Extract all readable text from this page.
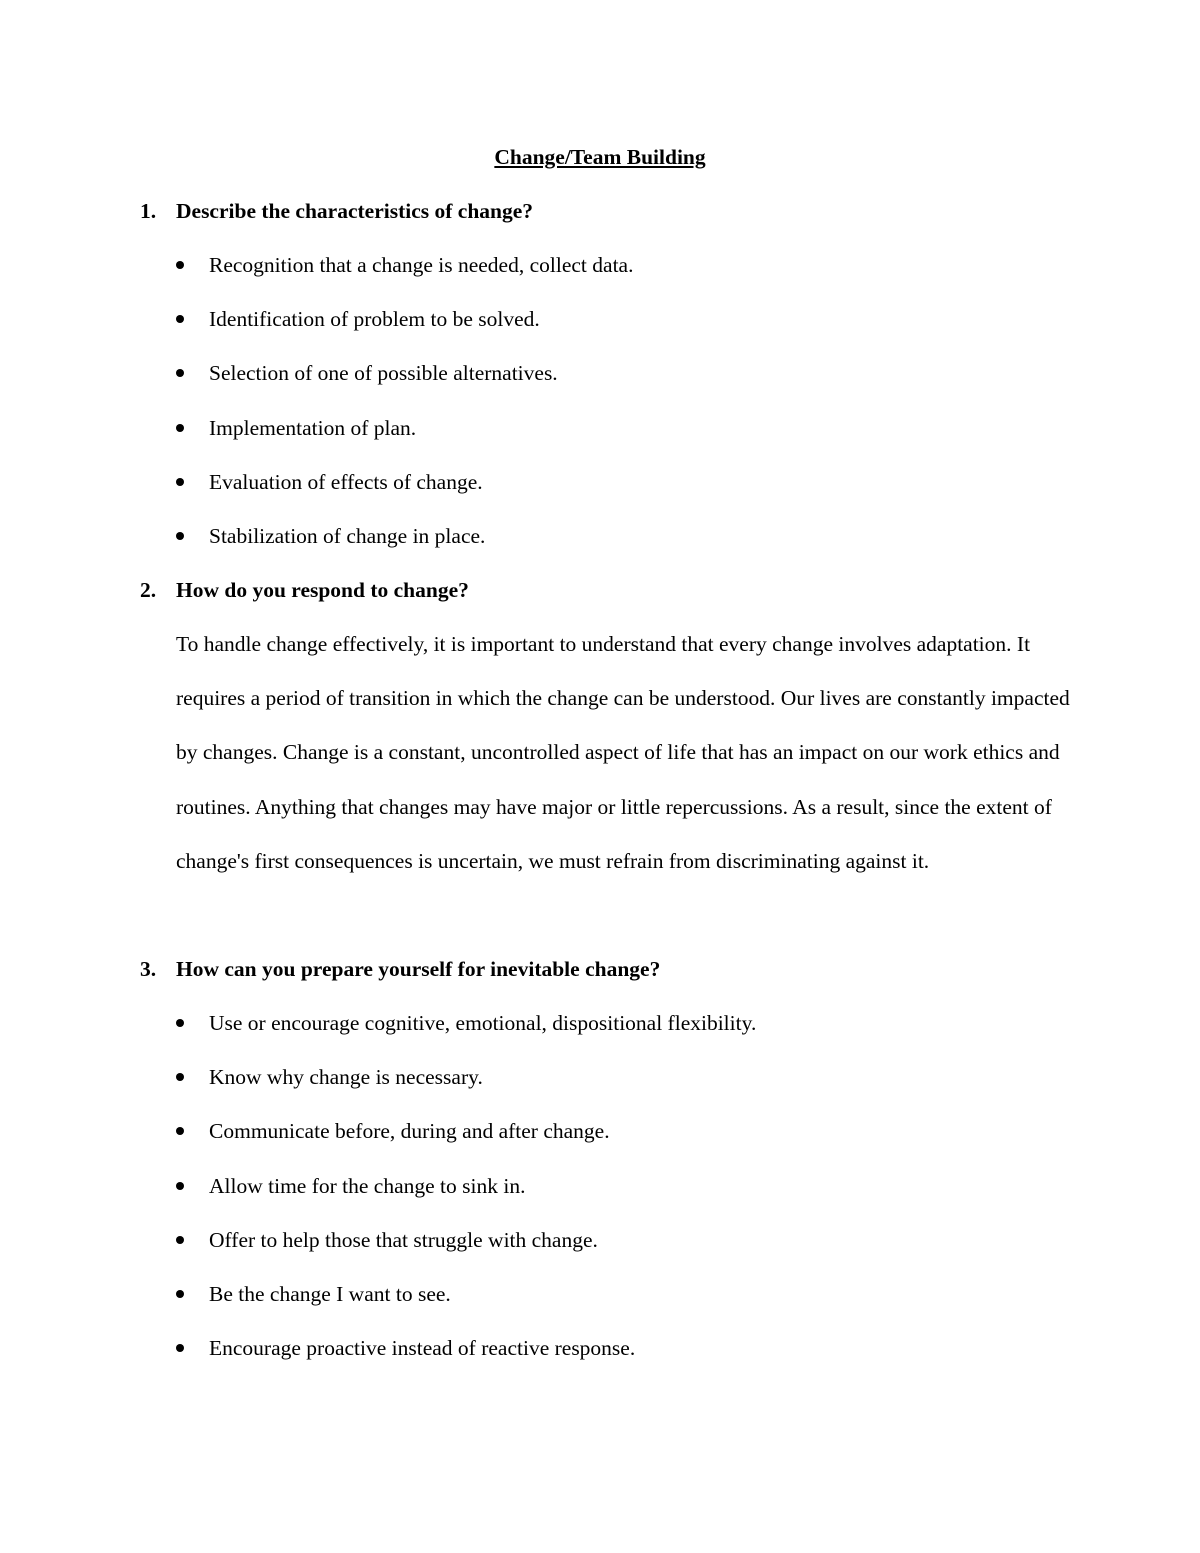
Change/Team Building
1. Describe the characteristics of change?
Recognition that a change is needed, collect data.
Identification of problem to be solved.
Selection of one of possible alternatives.
Implementation of plan.
Evaluation of effects of change.
Stabilization of change in place.
2. How do you respond to change?

To handle change effectively, it is important to understand that every change involves adaptation. It requires a period of transition in which the change can be understood. Our lives are constantly impacted by changes. Change is a constant, uncontrolled aspect of life that has an impact on our work ethics and routines. Anything that changes may have major or little repercussions. As a result, since the extent of change's first consequences is uncertain, we must refrain from discriminating against it.

3. How can you prepare yourself for inevitable change?
Use or encourage cognitive, emotional, dispositional flexibility.
Know why change is necessary.
Communicate before, during and after change.
Allow time for the change to sink in.
Offer to help those that struggle with change.
Be the change I want to see.
Encourage proactive instead of reactive response.
